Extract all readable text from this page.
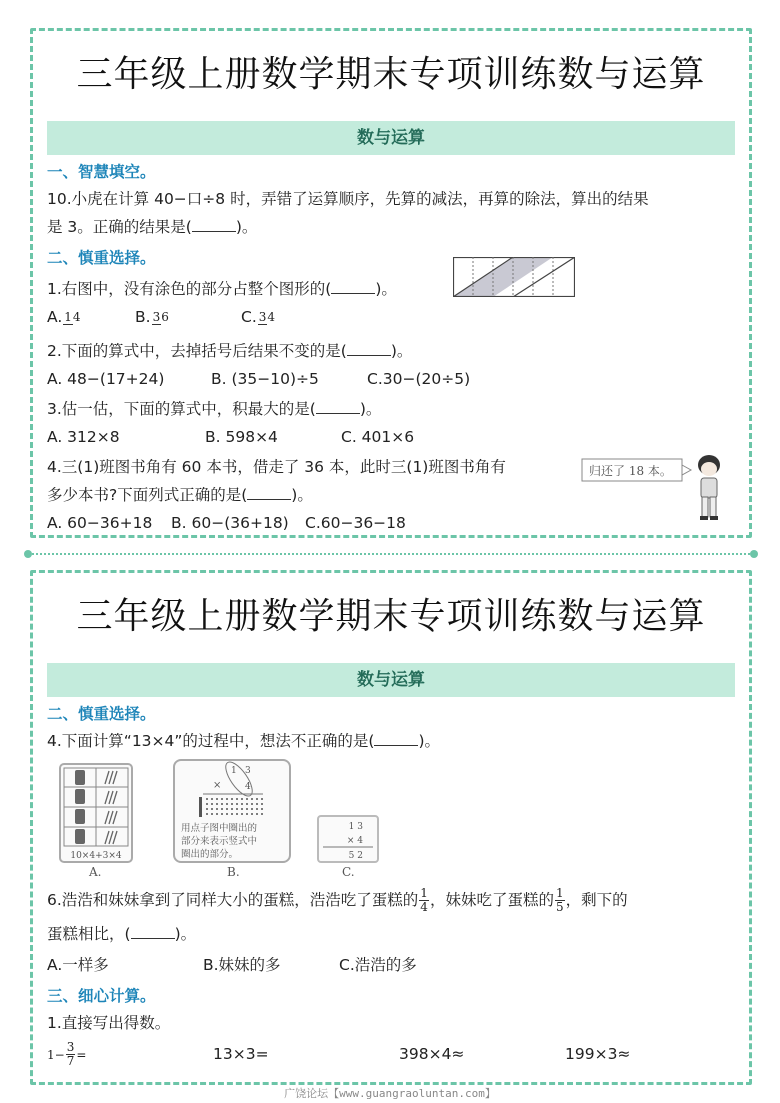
三年级上册数学期末专项训练数与运算
数与运算
一、智慧填空。
10.小虎在计算 40−口÷8 时，弄错了运算顺序，先算的减法，再算的除法，算出的结果
是 3。正确的结果是(	)。
二、慎重选择。
1.右图中，没有涂色的部分占整个图形的(	)。
A. 14	B. 36	C. 34
2.下面的算式中，去掉括号后结果不变的是(	)。
A. 48−(17+24)	B. (35−10)÷5	C.30−(20÷5)
3.估一估，下面的算式中，积最大的是(	)。
A. 312×8	B. 598×4	C. 401×6
4.三(1)班图书角有 60 本书，借走了 36 本，此时三(1)班图书角有
多少本书?下面列式正确的是(	)。
A. 60−36+18	B. 60−(36+18)	C.60−36−18
归还了 18 本。
三年级上册数学期末专项训练数与运算
数与运算
二、慎重选择。
4.下面计算“13×4”的过程中，想法不正确的是(	)。
10×4+3×4
A.
1 3
×	4
用点子图中圈出的
部分来表示竖式中
圈出的部分。
B.
1 3
× 4
5 2
C.
6.浩浩和妹妹拿到了同样大小的蛋糕，浩浩吃了蛋糕的 $\frac{1}{4}$ ，妹妹吃了蛋糕的 $\frac{1}{5}$ ，剩下的
蛋糕相比，(	)。
A.一样多	B.妹妹的多	C.浩浩的多
三、细心计算。
1.直接写出得数。
$1- \frac{3}{7}$ =	13×3=	398×4≈	199×3≈
广饶论坛【www.guangraoluntan.com】
